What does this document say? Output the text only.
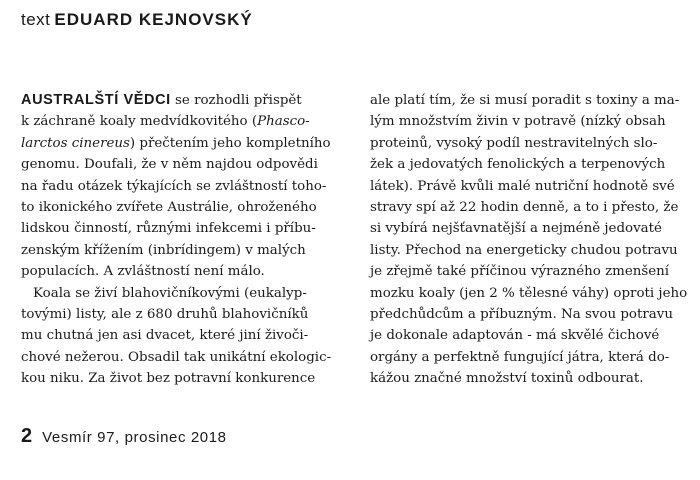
text EDUARD KEJNOVSKÝ
AUSTRALŠTÍ VĚDCI se rozhodli přispět
k záchraně koaly medvídkovitého (Phasco-
larctos cinereus) přečtením jeho kompletního
genomu. Doufali, že v něm najdou odpovědi
na řadu otázek týkajících se zvláštností toho-
to ikonického zvířete Austrálie, ohroženého
lidskou činností, různými infekcemi i příbu-
zenským křížením (inbrídingem) v malých
populacích. A zvláštností není málo.
Koala se živí blahovičníkovými (eukalyp-
tovými) listy, ale z 680 druhů blahovičníků
mu chutná jen asi dvacet, které jiní živoči-
chové nežerou. Obsadil tak unikátní ekologic-
kou niku. Za život bez potravní konkurence
ale platí tím, že si musí poradit s toxiny a ma-
lým množstvím živin v potravě (nízký obsah
proteinů, vysoký podíl nestravitelných slo-
žek a jedovatých fenolických a terpenových
látek). Právě kvůli malé nutriční hodnotě své
stravy spí až 22 hodin denně, a to i přesto, že
si vybírá nejšťavnatější a nejméně jedovaté
listy. Přechod na energeticky chudou potravu
je zřejmě také příčinou výrazného zmenšení
mozku koaly (jen 2 % tělesné váhy) oproti jeho
předchůdcům a příbuzným. Na svou potravu
je dokonale adaptován - má skvělé čichové
orgány a perfektně fungující játra, která do-
kážou značné množství toxinů odbourat.
2 Vesmír 97, prosinec 2018
